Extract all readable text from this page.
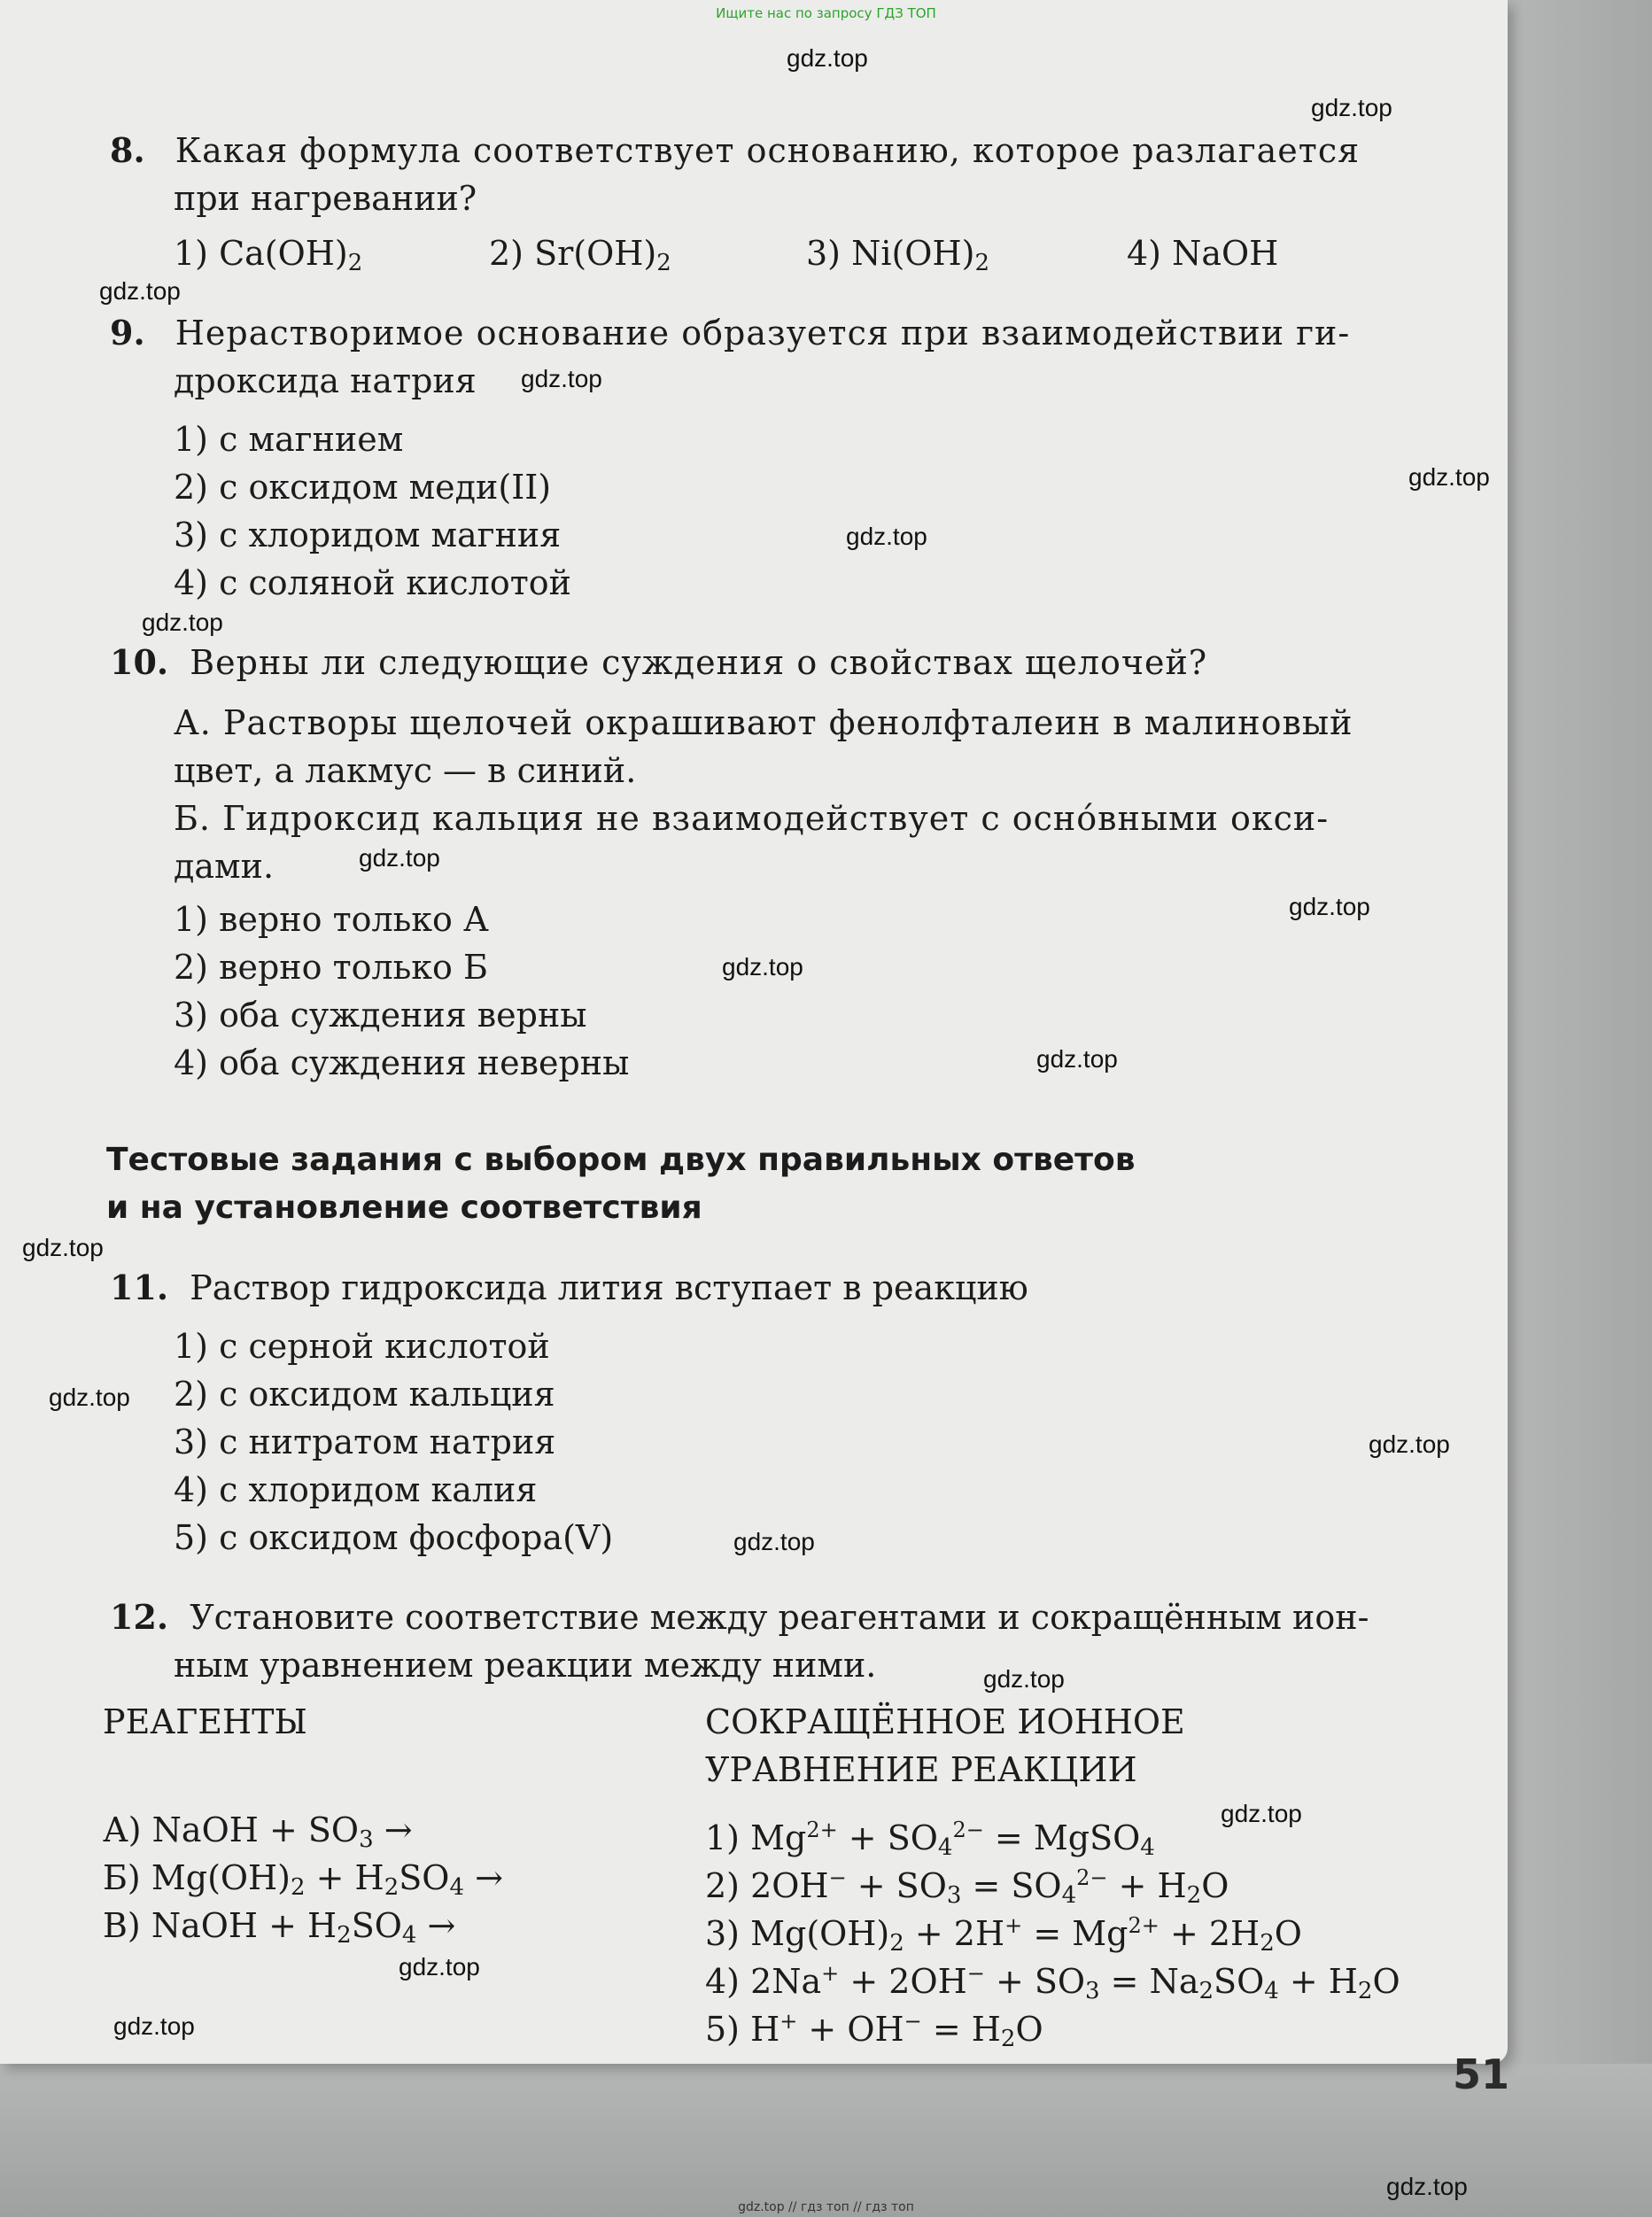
Ищите нас по запросу ГДЗ ТОП
gdz.top
gdz.top
gdz.top
gdz.top
gdz.top
gdz.top
gdz.top
gdz.top
gdz.top
gdz.top
gdz.top
gdz.top
gdz.top
gdz.top
gdz.top
gdz.top
gdz.top
gdz.top
gdz.top
gdz.top
8. Какая формула соответствует основанию, которое разлагается
при нагревании?
1) $Ca(OH)_2$	2) $Sr(OH)_2$	3) $Ni(OH)_2$	4) NaOH
9. Нерастворимое основание образуется при взаимодействии ги-
дроксида натрия
1) с магнием
2) с оксидом меди(II)
3) с хлоридом магния
4) с соляной кислотой
10. Верны ли следующие суждения о свойствах щелочей?
А. Растворы щелочей окрашивают фенолфталеин в малиновый
цвет, а лакмус — в синий.
Б. Гидроксид кальция не взаимодействует с осно́вными окси-
дами.
1) верно только А
2) верно только Б
3) оба суждения верны
4) оба суждения неверны
Тестовые задания с выбором двух правильных ответов
и на установление соответствия
11. Раствор гидроксида лития вступает в реакцию
1) с серной кислотой
2) с оксидом кальция
3) с нитратом натрия
4) с хлоридом калия
5) с оксидом фосфора(V)
12. Установите соответствие между реагентами и сокращённым ион-
ным уравнением реакции между ними.
РЕАГЕНТЫ	СОКРАЩЁННОЕ ИОННОЕ
УРАВНЕНИЕ РЕАКЦИИ
А) NaOH + $SO_3$ →
Б) $Mg(OH)_2 + H_2SO_4$ →
В) NaOH + $H_2SO_4$ →
1) $Mg^{2+} + SO_4^{2-}$ = MgSO$_4$
2) $2OH^- + SO_3 = SO_4^{2-} + H_2O$
3) $Mg(OH)_2 + 2H^+ = Mg^{2+} + 2H_2O$
4) $2Na^+ + 2OH^- + SO_3 = Na_2SO_4 + H_2O$
5) $H^+ + OH^- = H_2O$
51
gdz.top // гдз топ // гдз топ
